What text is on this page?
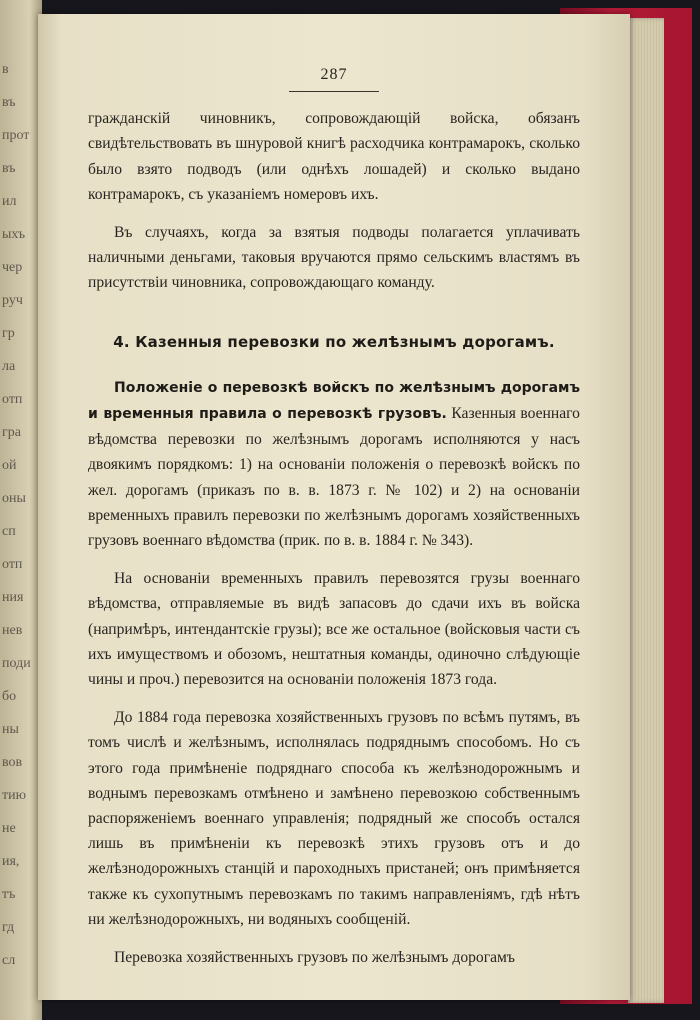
в
въ
прот
въ
ил
ыхъ
чер
руч
гр
ла
отп
гра
ой
оны
сп
отп
ния
нев
поди
бо
ны
вов
тию
не
ия,
тъ
гд
сл
287

гражданскій чиновникъ, сопровождающій войска, обязанъ свидѣтельствовать въ шнуровой книгѣ расходчика контрамарокъ, сколько было взято подводъ (или однѣхъ лошадей) и сколько выдано контрамарокъ, съ указаніемъ номеровъ ихъ.

Въ случаяхъ, когда за взятыя подводы полагается уплачивать наличными деньгами, таковыя вручаются прямо сельскимъ властямъ въ присутствіи чиновника, сопровождающаго команду.

4. Казенныя перевозки по желѣзнымъ дорогамъ.

Положеніе о перевозкѣ войскъ по желѣзнымъ дорогамъ и временныя правила о перевозкѣ грузовъ. Казенныя военнаго вѣдомства перевозки по желѣзнымъ дорогамъ исполняются у насъ двоякимъ порядкомъ: 1) на основаніи положенія о перевозкѣ войскъ по жел. дорогамъ (приказъ по в. в. 1873 г. № 102) и 2) на основаніи временныхъ правилъ перевозки по желѣзнымъ дорогамъ хозяйственныхъ грузовъ военнаго вѣдомства (прик. по в. в. 1884 г. № 343).

На основаніи временныхъ правилъ перевозятся грузы военнаго вѣдомства, отправляемые въ видѣ запасовъ до сдачи ихъ въ войска (напримѣръ, интендантскіе грузы); все же остальное (войсковыя части съ ихъ имуществомъ и обозомъ, нештатныя команды, одиночно слѣдующіе чины и проч.) перевозится на основаніи положенія 1873 года.

До 1884 года перевозка хозяйственныхъ грузовъ по всѣмъ путямъ, въ томъ числѣ и желѣзнымъ, исполнялась подряднымъ способомъ. Но съ этого года примѣненіе подряднаго способа къ желѣзнодорожнымъ и воднымъ перевозкамъ отмѣнено и замѣнено перевозкою собственнымъ распоряженіемъ военнаго управленія; подрядный же способъ остался лишь въ примѣненіи къ перевозкѣ этихъ грузовъ отъ и до желѣзнодорожныхъ станцій и пароходныхъ пристаней; онъ примѣняется также къ сухопутнымъ перевозкамъ по такимъ направленіямъ, гдѣ нѣтъ ни желѣзнодорожныхъ, ни водяныхъ сообщеній.

Перевозка хозяйственныхъ грузовъ по желѣзнымъ дорогамъ
